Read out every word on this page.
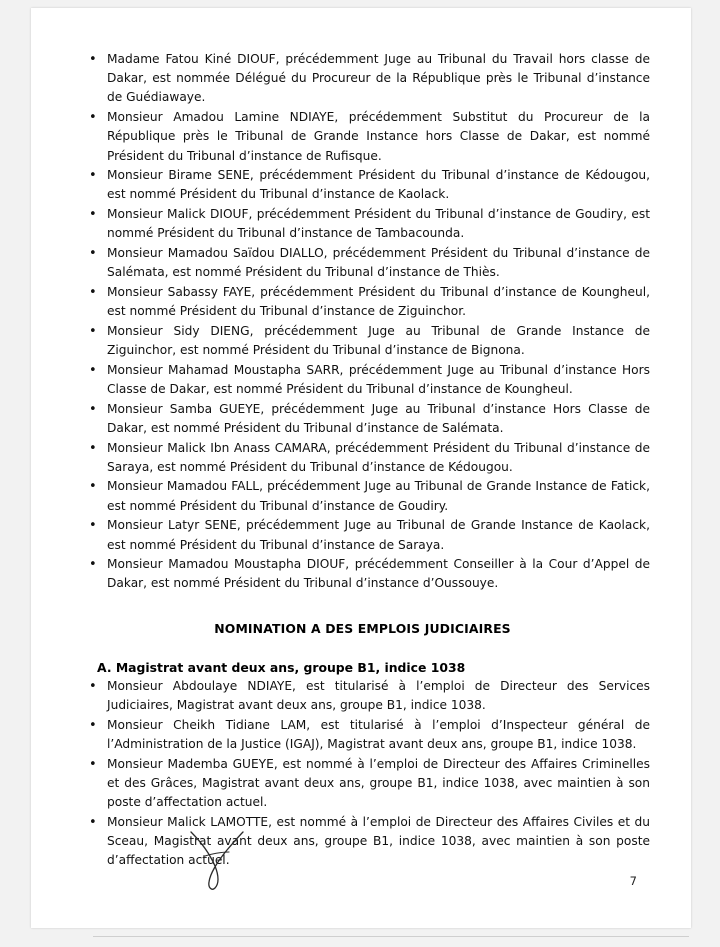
• Madame Fatou Kiné DIOUF, précédemment Juge au Tribunal du Travail hors classe de Dakar, est nommée Délégué du Procureur de la République près le Tribunal d’instance de Guédiawaye.
• Monsieur Amadou Lamine NDIAYE, précédemment Substitut du Procureur de la République près le Tribunal de Grande Instance hors Classe de Dakar, est nommé Président du Tribunal d’instance de Rufisque.
• Monsieur Birame SENE, précédemment Président du Tribunal d’instance de Kédougou, est nommé Président du Tribunal d’instance de Kaolack.
• Monsieur Malick DIOUF, précédemment Président du Tribunal d’instance de Goudiry, est nommé Président du Tribunal d’instance de Tambacounda.
• Monsieur Mamadou Saïdou DIALLO, précédemment Président du Tribunal d’instance de Salémata, est nommé Président du Tribunal d’instance de Thiès.
• Monsieur Sabassy FAYE, précédemment Président du Tribunal d’instance de Koungheul, est nommé Président du Tribunal d’instance de Ziguinchor.
• Monsieur Sidy DIENG, précédemment Juge au Tribunal de Grande Instance de Ziguinchor, est nommé Président du Tribunal d’instance de Bignona.
• Monsieur Mahamad Moustapha SARR, précédemment Juge au Tribunal d’instance Hors Classe de Dakar, est nommé Président du Tribunal d’instance de Koungheul.
• Monsieur Samba GUEYE, précédemment Juge au Tribunal d’instance Hors Classe de Dakar, est nommé Président du Tribunal d’instance de Salémata.
• Monsieur Malick Ibn Anass CAMARA, précédemment Président du Tribunal d’instance de Saraya, est nommé Président du Tribunal d’instance de Kédougou.
• Monsieur Mamadou FALL, précédemment Juge au Tribunal de Grande Instance de Fatick, est nommé Président du Tribunal d’instance de Goudiry.
• Monsieur Latyr SENE, précédemment Juge au Tribunal de Grande Instance de Kaolack, est nommé Président du Tribunal d’instance de Saraya.
• Monsieur Mamadou Moustapha DIOUF, précédemment Conseiller à la Cour d’Appel de Dakar, est nommé Président du Tribunal d’instance d’Oussouye.
NOMINATION A DES EMPLOIS JUDICIAIRES
A. Magistrat avant deux ans, groupe B1, indice 1038
• Monsieur Abdoulaye NDIAYE, est titularisé à l’emploi de Directeur des Services Judiciaires, Magistrat avant deux ans, groupe B1, indice 1038.
• Monsieur Cheikh Tidiane LAM, est titularisé à l’emploi d’Inspecteur général de l’Administration de la Justice (IGAJ), Magistrat avant deux ans, groupe B1, indice 1038.
• Monsieur Mademba GUEYE, est nommé à l’emploi de Directeur des Affaires Criminelles et des Grâces, Magistrat avant deux ans, groupe B1, indice 1038, avec maintien à son poste d’affectation actuel.
• Monsieur Malick LAMOTTE, est nommé à l’emploi de Directeur des Affaires Civiles et du Sceau, Magistrat avant deux ans, groupe B1, indice 1038, avec maintien à son poste d’affectation actuel.
7
